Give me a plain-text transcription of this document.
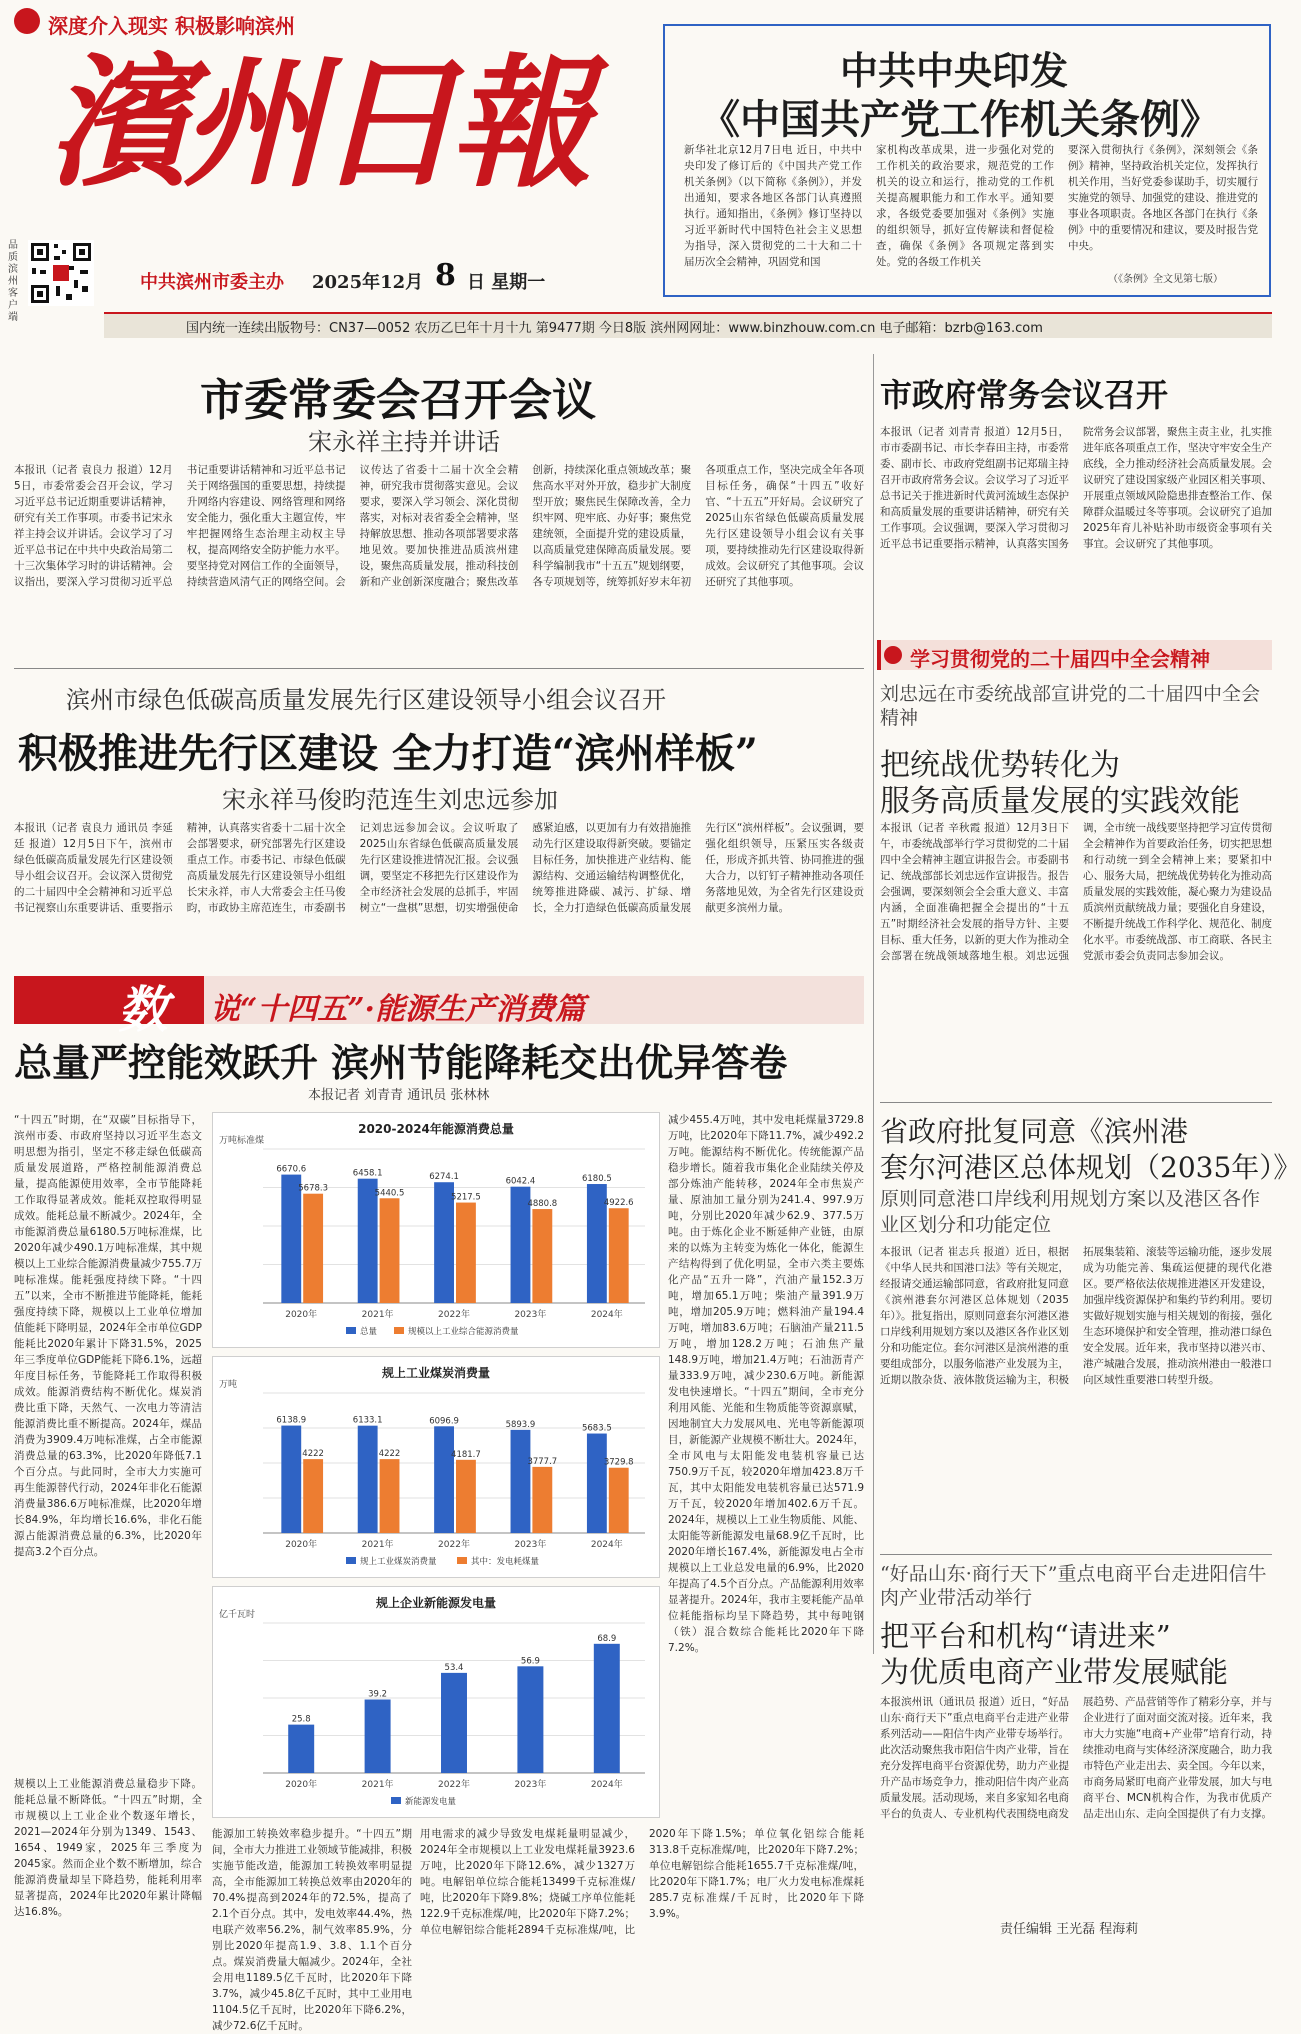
深度介入现实 积极影响滨州
濱州日報
品质滨州客户端
中共滨州市委主办 2025年12月 8 日 星期一
中共中央印发
《中国共产党工作机关条例》
新华社北京12月7日电 近日，中共中央印发了修订后的《中国共产党工作机关条例》（以下简称《条例》），并发出通知，要求各地区各部门认真遵照执行。通知指出，《条例》修订坚持以习近平新时代中国特色社会主义思想为指导，深入贯彻党的二十大和二十届历次全会精神，巩固党和国
家机构改革成果，进一步强化对党的工作机关的政治要求，规范党的工作机关的设立和运行，推动党的工作机关提高履职能力和工作水平。通知要求，各级党委要加强对《条例》实施的组织领导，抓好宣传解读和督促检查，确保《条例》各项规定落到实处。党的各级工作机关
要深入贯彻执行《条例》，深刻领会《条例》精神，坚持政治机关定位，发挥执行机关作用，当好党委参谋助手，切实履行实施党的领导、加强党的建设、推进党的事业各项职责。各地区各部门在执行《条例》中的重要情况和建议，要及时报告党中央。
（《条例》全文见第七版）
国内统一连续出版物号：CN37—0052 农历乙巳年十月十九 第9477期 今日8版 滨州网网址：www.binzhouw.com.cn 电子邮箱：bzrb@163.com
市委常委会召开会议
宋永祥主持并讲话
本报讯（记者 袁良力 报道）12月5日，市委常委会召开会议，学习习近平总书记近期重要讲话精神，研究有关工作事项。市委书记宋永祥主持会议并讲话。会议学习了习近平总书记在中共中央政治局第二十三次集体学习时的讲话精神。会议指出，要深入学习贯彻习近平总书记重要讲话精神和习近平总书记关于网络强国的重要思想，持续提升网络内容建设、网络管理和网络安全能力，强化重大主题宣传，牢牢把握网络生态治理主动权主导权，提高网络安全防护能力水平。要坚持党对网信工作的全面领导，持续营造风清气正的网络空间。会议传达了省委十二届十次全会精神，研究我市贯彻落实意见。会议要求，要深入学习领会、深化贯彻落实，对标对表省委全会精神，坚持解放思想、推动各项部署要求落地见效。要加快推进品质滨州建设，聚焦高质量发展，推动科技创新和产业创新深度融合；聚焦改革创新，持续深化重点领域改革；聚焦高水平对外开放，稳步扩大制度型开放；聚焦民生保障改善，全力织牢网、兜牢底、办好事；聚焦党建统领，全面提升党的建设质量，以高质量党建保障高质量发展。要科学编制我市“十五五”规划纲要，各专项规划等，统筹抓好岁末年初各项重点工作，坚决完成全年各项目标任务，确保“十四五”收好官、“十五五”开好局。会议研究了2025山东省绿色低碳高质量发展先行区建设领导小组会议有关事项，要持续推动先行区建设取得新成效。会议研究了其他事项。会议还研究了其他事项。
市政府常务会议召开
本报讯（记者 刘青青 报道）12月5日，市市委副书记、市长李春田主持，市委常委、副市长、市政府党组副书记郑瑞主持召开市政府常务会议。会议学习了习近平总书记关于推进新时代黄河流域生态保护和高质量发展的重要讲话精神，研究有关工作事项。会议强调，要深入学习贯彻习近平总书记重要指示精神，认真落实国务院常务会议部署，聚焦主责主业，扎实推进年底各项重点工作，坚决守牢安全生产底线，全力推动经济社会高质量发展。会议研究了建设国家级产业园区相关事项、开展重点领域风险隐患排查整治工作、保障群众温暖过冬等事项。会议研究了追加2025年育儿补贴补助市级资金事项有关事宜。会议研究了其他事项。
学习贯彻党的二十届四中全会精神
刘忠远在市委统战部宣讲党的二十届四中全会精神
把统战优势转化为
服务高质量发展的实践效能
本报讯（记者 辛秋霞 报道）12月3日下午，市委统战部举行学习贯彻党的二十届四中全会精神主题宣讲报告会。市委副书记、统战部部长刘忠远作宣讲报告。报告会强调，要深刻领会全会重大意义、丰富内涵，全面准确把握全会提出的“十五五”时期经济社会发展的指导方针、主要目标、重大任务，以新的更大作为推动全会部署在统战领域落地生根。刘忠远强调，全市统一战线要坚持把学习宣传贯彻全会精神作为首要政治任务，切实把思想和行动统一到全会精神上来；要紧扣中心、服务大局，把统战优势转化为推动高质量发展的实践效能，凝心聚力为建设品质滨州贡献统战力量；要强化自身建设，不断提升统战工作科学化、规范化、制度化水平。市委统战部、市工商联、各民主党派市委会负责同志参加会议。
省政府批复同意《滨州港
套尔河港区总体规划（2035年）》
原则同意港口岸线利用规划方案以及港区各作业区划分和功能定位
本报讯（记者 崔志兵 报道）近日，根据《中华人民共和国港口法》等有关规定，经报请交通运输部同意，省政府批复同意《滨州港套尔河港区总体规划（2035年）》。批复指出，原则同意套尔河港区港口岸线利用规划方案以及港区各作业区划分和功能定位。套尔河港区是滨州港的重要组成部分，以服务临港产业发展为主，近期以散杂货、液体散货运输为主，积极拓展集装箱、滚装等运输功能，逐步发展成为功能完善、集疏运便捷的现代化港区。要严格依法依规推进港区开发建设，加强岸线资源保护和集约节约利用。要切实做好规划实施与相关规划的衔接，强化生态环境保护和安全管理，推动港口绿色安全发展。近年来，我市坚持以港兴市、港产城融合发展，推动滨州港由一般港口向区域性重要港口转型升级。
“好品山东·商行天下”重点电商平台走进阳信牛肉产业带活动举行
把平台和机构“请进来”
为优质电商产业带发展赋能
本报滨州讯（通讯员 报道）近日，“好品山东·商行天下”重点电商平台走进产业带系列活动——阳信牛肉产业带专场举行。此次活动聚焦我市阳信牛肉产业带，旨在充分发挥电商平台资源优势，助力产业提升产品市场竞争力，推动阳信牛肉产业高质量发展。活动现场，来自多家知名电商平台的负责人、专业机构代表围绕电商发展趋势、产品营销等作了精彩分享，并与企业进行了面对面交流对接。近年来，我市大力实施“电商+产业带”培育行动，持续推动电商与实体经济深度融合，助力我市特色产业走出去、卖全国。今年以来，市商务局紧盯电商产业带发展，加大与电商平台、MCN机构合作，为我市优质产品走出山东、走向全国提供了有力支撑。
责任编辑 王光磊 程海莉
滨州市绿色低碳高质量发展先行区建设领导小组会议召开
积极推进先行区建设 全力打造“滨州样板”
宋永祥马俊昀范连生刘忠远参加
本报讯（记者 袁良力 通讯员 李延廷 报道）12月5日下午，滨州市绿色低碳高质量发展先行区建设领导小组会议召开。会议深入贯彻党的二十届四中全会精神和习近平总书记视察山东重要讲话、重要指示精神，认真落实省委十二届十次全会部署要求，研究部署先行区建设重点工作。市委书记、市绿色低碳高质量发展先行区建设领导小组组长宋永祥，市人大常委会主任马俊昀，市政协主席范连生，市委副书记刘忠远参加会议。会议听取了2025山东省绿色低碳高质量发展先行区建设推进情况汇报。会议强调，要坚定不移把先行区建设作为全市经济社会发展的总抓手，牢固树立“一盘棋”思想，切实增强使命感紧迫感，以更加有力有效措施推动先行区建设取得新突破。要锚定目标任务，加快推进产业结构、能源结构、交通运输结构调整优化，统筹推进降碳、减污、扩绿、增长，全力打造绿色低碳高质量发展先行区“滨州样板”。会议强调，要强化组织领导，压紧压实各级责任，形成齐抓共管、协同推进的强大合力，以钉钉子精神推动各项任务落地见效，为全省先行区建设贡献更多滨州力量。
数 说“十四五”·能源生产消费篇
总量严控能效跃升 滨州节能降耗交出优异答卷
本报记者 刘青青 通讯员 张林林
“十四五”时期，在“双碳”目标指导下，滨州市委、市政府坚持以习近平生态文明思想为指引，坚定不移走绿色低碳高质量发展道路，严格控制能源消费总量，提高能源使用效率，全市节能降耗工作取得显著成效。能耗双控取得明显成效。能耗总量不断减少。2024年，全市能源消费总量6180.5万吨标准煤，比2020年减少490.1万吨标准煤，其中规模以上工业综合能源消费量减少755.7万吨标准煤。能耗强度持续下降。“十四五”以来，全市不断推进节能降耗，能耗强度持续下降，规模以上工业单位增加值能耗下降明显，2024年全市单位GDP能耗比2020年累计下降31.5%，2025年三季度单位GDP能耗下降6.1%，远超年度目标任务，节能降耗工作取得积极成效。能源消费结构不断优化。煤炭消费比重下降，天然气、一次电力等清洁能源消费比重不断提高。2024年，煤品消费为3909.4万吨标准煤，占全市能源消费总量的63.3%，比2020年降低7.1个百分点。与此同时，全市大力实施可再生能源替代行动，2024年非化石能源消费量386.6万吨标准煤，比2020年增长84.9%，年均增长16.6%，非化石能源占能源消费总量的6.3%，比2020年提高3.2个百分点。
规模以上工业能源消费总量稳步下降。能耗总量不断降低。“十四五”时期，全市规模以上工业企业个数逐年增长，2021—2024年分别为1349、1543、1654、1949家，2025年三季度为2045家。然而企业个数不断增加，综合能源消费量却呈下降趋势，能耗利用率显著提高，2024年比2020年累计降幅达16.8%。
减少455.4万吨，其中发电耗煤量3729.8万吨，比2020年下降11.7%，减少492.2万吨。能源结构不断优化。传统能源产品稳步增长。随着我市集化企业陆续关停及部分炼油产能转移，2024年全市焦炭产量、原油加工量分别为241.4、997.9万吨，分别比2020年减少62.9、377.5万吨。由于炼化企业不断延伸产业链，由原来的以炼为主转变为炼化一体化，能源生产结构得到了优化明显，全市六类主要炼化产品“五升一降”，汽油产量152.3万吨，增加65.1万吨；柴油产量391.9万吨，增加205.9万吨；燃料油产量194.4万吨，增加83.6万吨；石脑油产量211.5万吨，增加128.2万吨；石油焦产量148.9万吨，增加21.4万吨；石油沥青产量333.9万吨，减少230.6万吨。新能源发电快速增长。“十四五”期间，全市充分利用风能、光能和生物质能等资源禀赋，因地制宜大力发展风电、光电等新能源项目，新能源产业规模不断壮大。2024年，全市风电与太阳能发电装机容量已达750.9万千瓦，较2020年增加423.8万千瓦，其中太阳能发电装机容量已达571.9万千瓦，较2020年增加402.6万千瓦。2024年，规模以上工业生物质能、风能、太阳能等新能源发电量68.9亿千瓦时，比2020年增长167.4%，新能源发电占全市规模以上工业总发电量的6.9%，比2020年提高了4.5个百分点。产品能源利用效率显著提升。2024年，我市主要耗能产品单位耗能指标均呈下降趋势，其中每吨钢（铁）混合数综合能耗比2020年下降7.2%。
能源加工转换效率稳步提升。“十四五”期间，全市大力推进工业领域节能减排，积极实施节能改造，能源加工转换效率明显提高，全市能源加工转换总效率由2020年的70.4%提高到2024年的72.5%，提高了2.1个百分点。其中，发电效率44.4%，热电联产效率56.2%，制气效率85.9%，分别比2020年提高1.9、3.8、1.1个百分点。煤炭消费量大幅减少。2024年，全社会用电1189.5亿千瓦时，比2020年下降3.7%，减少45.8亿千瓦时，其中工业用电1104.5亿千瓦时，比2020年下降6.2%，减少72.6亿千瓦时。
用电需求的减少导致发电煤耗量明显减少，2024年全市规模以上工业发电煤耗量3923.6万吨，比2020年下降12.6%，减少1327万吨。电解铝单位综合能耗13499千克标准煤/吨，比2020年下降9.8%；烧碱工序单位能耗122.9千克标准煤/吨，比2020年下降7.2%；单位电解铝综合能耗2894千克标准煤/吨，比2020年下降1.5%；单位氧化铝综合能耗313.8千克标准煤/吨，比2020年下降7.2%；单位电解铝综合能耗1655.7千克标准煤/吨，比2020年下降1.7%；电厂火力发电标准煤耗285.7克标准煤/千瓦时，比2020年下降3.9%。
2020-2024年能源消费总量
万吨标准煤
2020年
6670.6
5678.3
2021年
6458.1
5440.5
2022年
6274.1
5217.5
2023年
6042.4
4880.8
2024年
6180.5
4922.6
总量	规模以上工业综合能源消费量
规上工业煤炭消费量
万吨
2020年
6138.9
4222
2021年
6133.1
4222
2022年
6096.9
4181.7
2023年
5893.9
3777.7
2024年
5683.5
3729.8
规上工业煤炭消费量	其中：发电耗煤量
规上企业新能源发电量
亿千瓦时
2020年
25.8
2021年
39.2
2022年
53.4
2023年
56.9
2024年
68.9
新能源发电量
